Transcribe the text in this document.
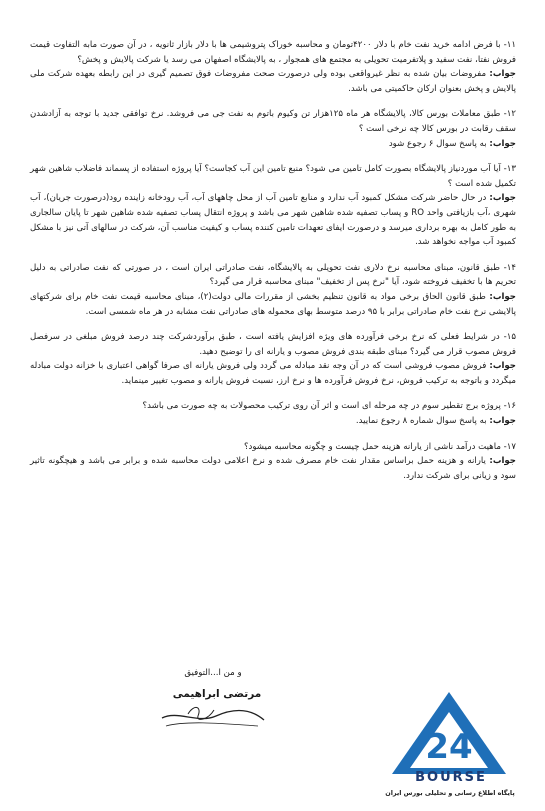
۱۱- با فرض ادامه خرید نفت خام با دلار ۴۲۰۰تومان و محاسبه خوراک پتروشیمی ها با دلار بازار ثانویه ، در آن صورت مابه التفاوت قیمت فروش نفتا، نفت سفید و پلاتفرمیت تحویلی به مجتمع های همجوار ، به پالایشگاه اصفهان می رسد یا شرکت پالایش و پخش؟

جواب: مفروضات بیان شده به نظر غیرواقعی بوده ولی درصورت صحت مفروضات فوق تصمیم گیری در این رابطه بعهده شرکت ملی پالایش و پخش بعنوان ارکان حاکمیتی می باشد.

۱۲- طبق معاملات بورس کالا، پالایشگاه هر ماه ۱۲۵هزار تن وکیوم باتوم به نفت جی می فروشد. نرخ توافقی جدید با توجه به آزادشدن سقف رقابت در بورس کالا چه نرخی است ؟

جواب: به پاسخ سوال ۶ رجوع شود

۱۳- آیا آب موردنیاز پالایشگاه بصورت کامل تامین می شود؟ منبع تامین این آب کجاست؟ آیا پروژه استفاده از پسماند فاضلاب شاهین شهر تکمیل شده است ؟

جواب: در حال حاضر شرکت مشکل کمبود آب ندارد و منابع تامین آب از محل چاههای آب، آب رودخانه زاینده رود(درصورت جریان)، آب شهری ،آب بازیافتی واحد RO و پساب تصفیه شده شاهین شهر می باشد و پروژه انتقال پساب تصفیه شده شاهین شهر تا پایان سالجاری به طور کامل به بهره برداری میرسد و درصورت ایفای تعهدات تامین کننده پساب و کیفیت مناسب آن، شرکت در سالهای آتی نیز با مشکل کمبود آب مواجه نخواهد شد.

۱۴- طبق قانون، مبنای محاسبه نرخ دلاری نفت تحویلی به پالایشگاه، نفت صادراتی ایران است ، در صورتی که نفت صادراتی به دلیل تحریم ها با تخفیف فروخته شود، آیا "نرخ پس از تخفیف" مبنای محاسبه قرار می گیرد؟

جواب: طبق قانون الحاق برخی مواد به قانون تنظیم بخشی از مقررات مالی دولت(۲)، مبنای محاسبه قیمت نفت خام برای شرکتهای پالایشی نرخ نفت خام صادراتی برابر با ۹۵ درصد متوسط بهای محموله های صادراتی نفت مشابه در هر ماه شمسی است.

۱۵- در شرایط فعلی که نرخ برخی فرآورده های ویژه افزایش یافته است ، طبق برآوردشرکت چند درصد فروش مبلغی در سرفصل فروش مصوب قرار می گیرد؟ مبنای طبقه بندی فروش مصوب و یارانه ای را توضیح دهید.

جواب: فروش مصوب فروشی است که در آن وجه نقد مبادله می گردد ولی فروش یارانه ای صرفا گواهی اعتباری با خزانه دولت مبادله میگردد و باتوجه به ترکیب فروش، نرخ فروش فرآورده ها و نرخ ارز، نسبت فروش یارانه و مصوب تغییر مینماید.

۱۶- پروژه برج تقطیر سوم در چه مرحله ای است و اثر آن روی ترکیب محصولات به چه صورت می باشد؟

جواب: به پاسخ سوال شماره ۸ رجوع نمایید.

۱۷- ماهیت درآمد ناشی از یارانه هزینه حمل چیست و چگونه محاسبه میشود؟

جواب: یارانه و هزینه حمل براساس مقدار نفت خام مصرف شده و نرخ اعلامی دولت محاسبه شده و برابر می باشد و هیچگونه تاثیر سود و زیانی برای شرکت ندارد.

و من ا...التوفیق
مرتضی ابراهیمی
24
BOURSE
پایگاه اطلاع رسانی و تحلیلی بورس ایران
